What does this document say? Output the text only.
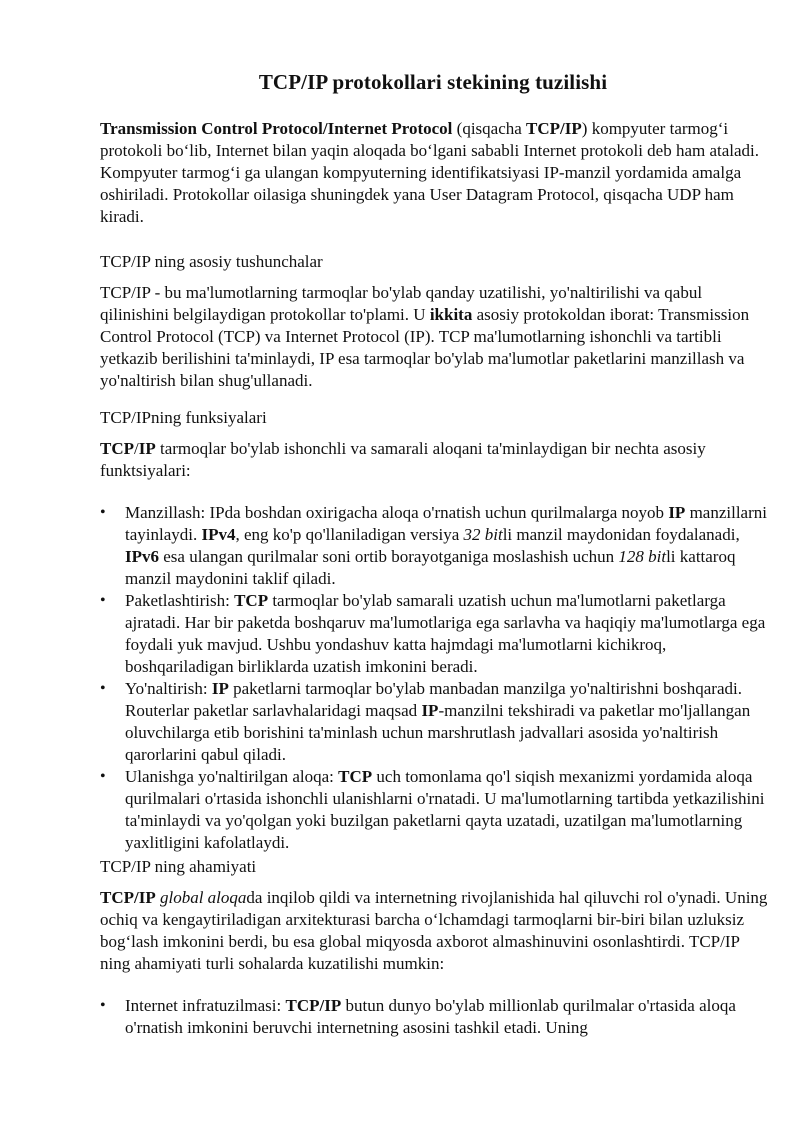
TCP/IP protokollari stekining tuzilishi

Transmission Control Protocol/Internet Protocol (qisqacha TCP/IP) kompyuter tarmog‘i protokoli bo‘lib, Internet bilan yaqin aloqada bo‘lgani sababli Internet protokoli deb ham ataladi. Kompyuter tarmog‘i ga ulangan kompyuterning identifikatsiyasi IP-manzil yordamida amalga oshiriladi. Protokollar oilasiga shuningdek yana User Datagram Protocol, qisqacha UDP ham kiradi.

TCP/IP ning asosiy tushunchalar

TCP/IP - bu ma'lumotlarning tarmoqlar bo'ylab qanday uzatilishi, yo'naltirilishi va qabul qilinishini belgilaydigan protokollar to'plami. U ikkita asosiy protokoldan iborat: Transmission Control Protocol (TCP) va Internet Protocol (IP). TCP ma'lumotlarning ishonchli va tartibli yetkazib berilishini ta'minlaydi, IP esa tarmoqlar bo'ylab ma'lumotlar paketlarini manzillash va yo'naltirish bilan shug'ullanadi.

TCP/IPning funksiyalari

TCP/IP tarmoqlar bo'ylab ishonchli va samarali aloqani ta'minlaydigan bir nechta asosiy funktsiyalari:

• Manzillash: IPda boshdan oxirigacha aloqa o'rnatish uchun qurilmalarga noyob IP manzillarni tayinlaydi. IPv4, eng ko'p qo'llaniladigan versiya 32 bitli manzil maydonidan foydalanadi, IPv6 esa ulangan qurilmalar soni ortib borayotganiga moslashish uchun 128 bitli kattaroq manzil maydonini taklif qiladi.
• Paketlashtirish: TCP tarmoqlar bo'ylab samarali uzatish uchun ma'lumotlarni paketlarga ajratadi. Har bir paketda boshqaruv ma'lumotlariga ega sarlavha va haqiqiy ma'lumotlarga ega foydali yuk mavjud. Ushbu yondashuv katta hajmdagi ma'lumotlarni kichikroq, boshqariladigan birliklarda uzatish imkonini beradi.
• Yo'naltirish: IP paketlarni tarmoqlar bo'ylab manbadan manzilga yo'naltirishni boshqaradi. Routerlar paketlar sarlavhalaridagi maqsad IP-manzilni tekshiradi va paketlar mo'ljallangan oluvchilarga etib borishini ta'minlash uchun marshrutlash jadvallari asosida yo'naltirish qarorlarini qabul qiladi.
• Ulanishga yo'naltirilgan aloqa: TCP uch tomonlama qo'l siqish mexanizmi yordamida aloqa qurilmalari o'rtasida ishonchli ulanishlarni o'rnatadi. U ma'lumotlarning tartibda yetkazilishini ta'minlaydi va yo'qolgan yoki buzilgan paketlarni qayta uzatadi, uzatilgan ma'lumotlarning yaxlitligini kafolatlaydi.

TCP/IP ning ahamiyati

TCP/IP global aloqada inqilob qildi va internetning rivojlanishida hal qiluvchi rol o'ynadi. Uning ochiq va kengaytiriladigan arxitekturasi barcha o‘lchamdagi tarmoqlarni bir-biri bilan uzluksiz bog‘lash imkonini berdi, bu esa global miqyosda axborot almashinuvini osonlashtirdi. TCP/IP ning ahamiyati turli sohalarda kuzatilishi mumkin:

• Internet infratuzilmasi: TCP/IP butun dunyo bo'ylab millionlab qurilmalar o'rtasida aloqa o'rnatish imkonini beruvchi internetning asosini tashkil etadi. Uning
